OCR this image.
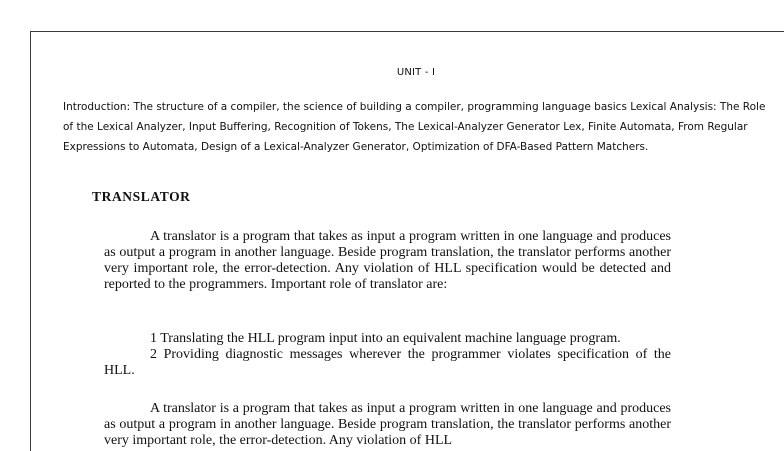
UNIT - I
Introduction: The structure of a compiler, the science of building a compiler, programming language basics Lexical Analysis: The Role of the Lexical Analyzer, Input Buffering, Recognition of Tokens, The Lexical-Analyzer Generator Lex, Finite Automata, From Regular Expressions to Automata, Design of a Lexical-Analyzer Generator, Optimization of DFA-Based Pattern Matchers.
TRANSLATOR
A translator is a program that takes as input a program written in one language and produces as output a program in another language. Beside program translation, the translator performs another very important role, the error-detection. Any violation of HLL specification would be detected and reported to the programmers. Important role of translator are:
1 Translating the HLL program input into an equivalent machine language program.
2 Providing diagnostic messages wherever the programmer violates specification of the HLL.
A translator is a program that takes as input a program written in one language and produces as output a program in another language. Beside program translation, the translator performs another very important role, the error-detection. Any violation of HLL
